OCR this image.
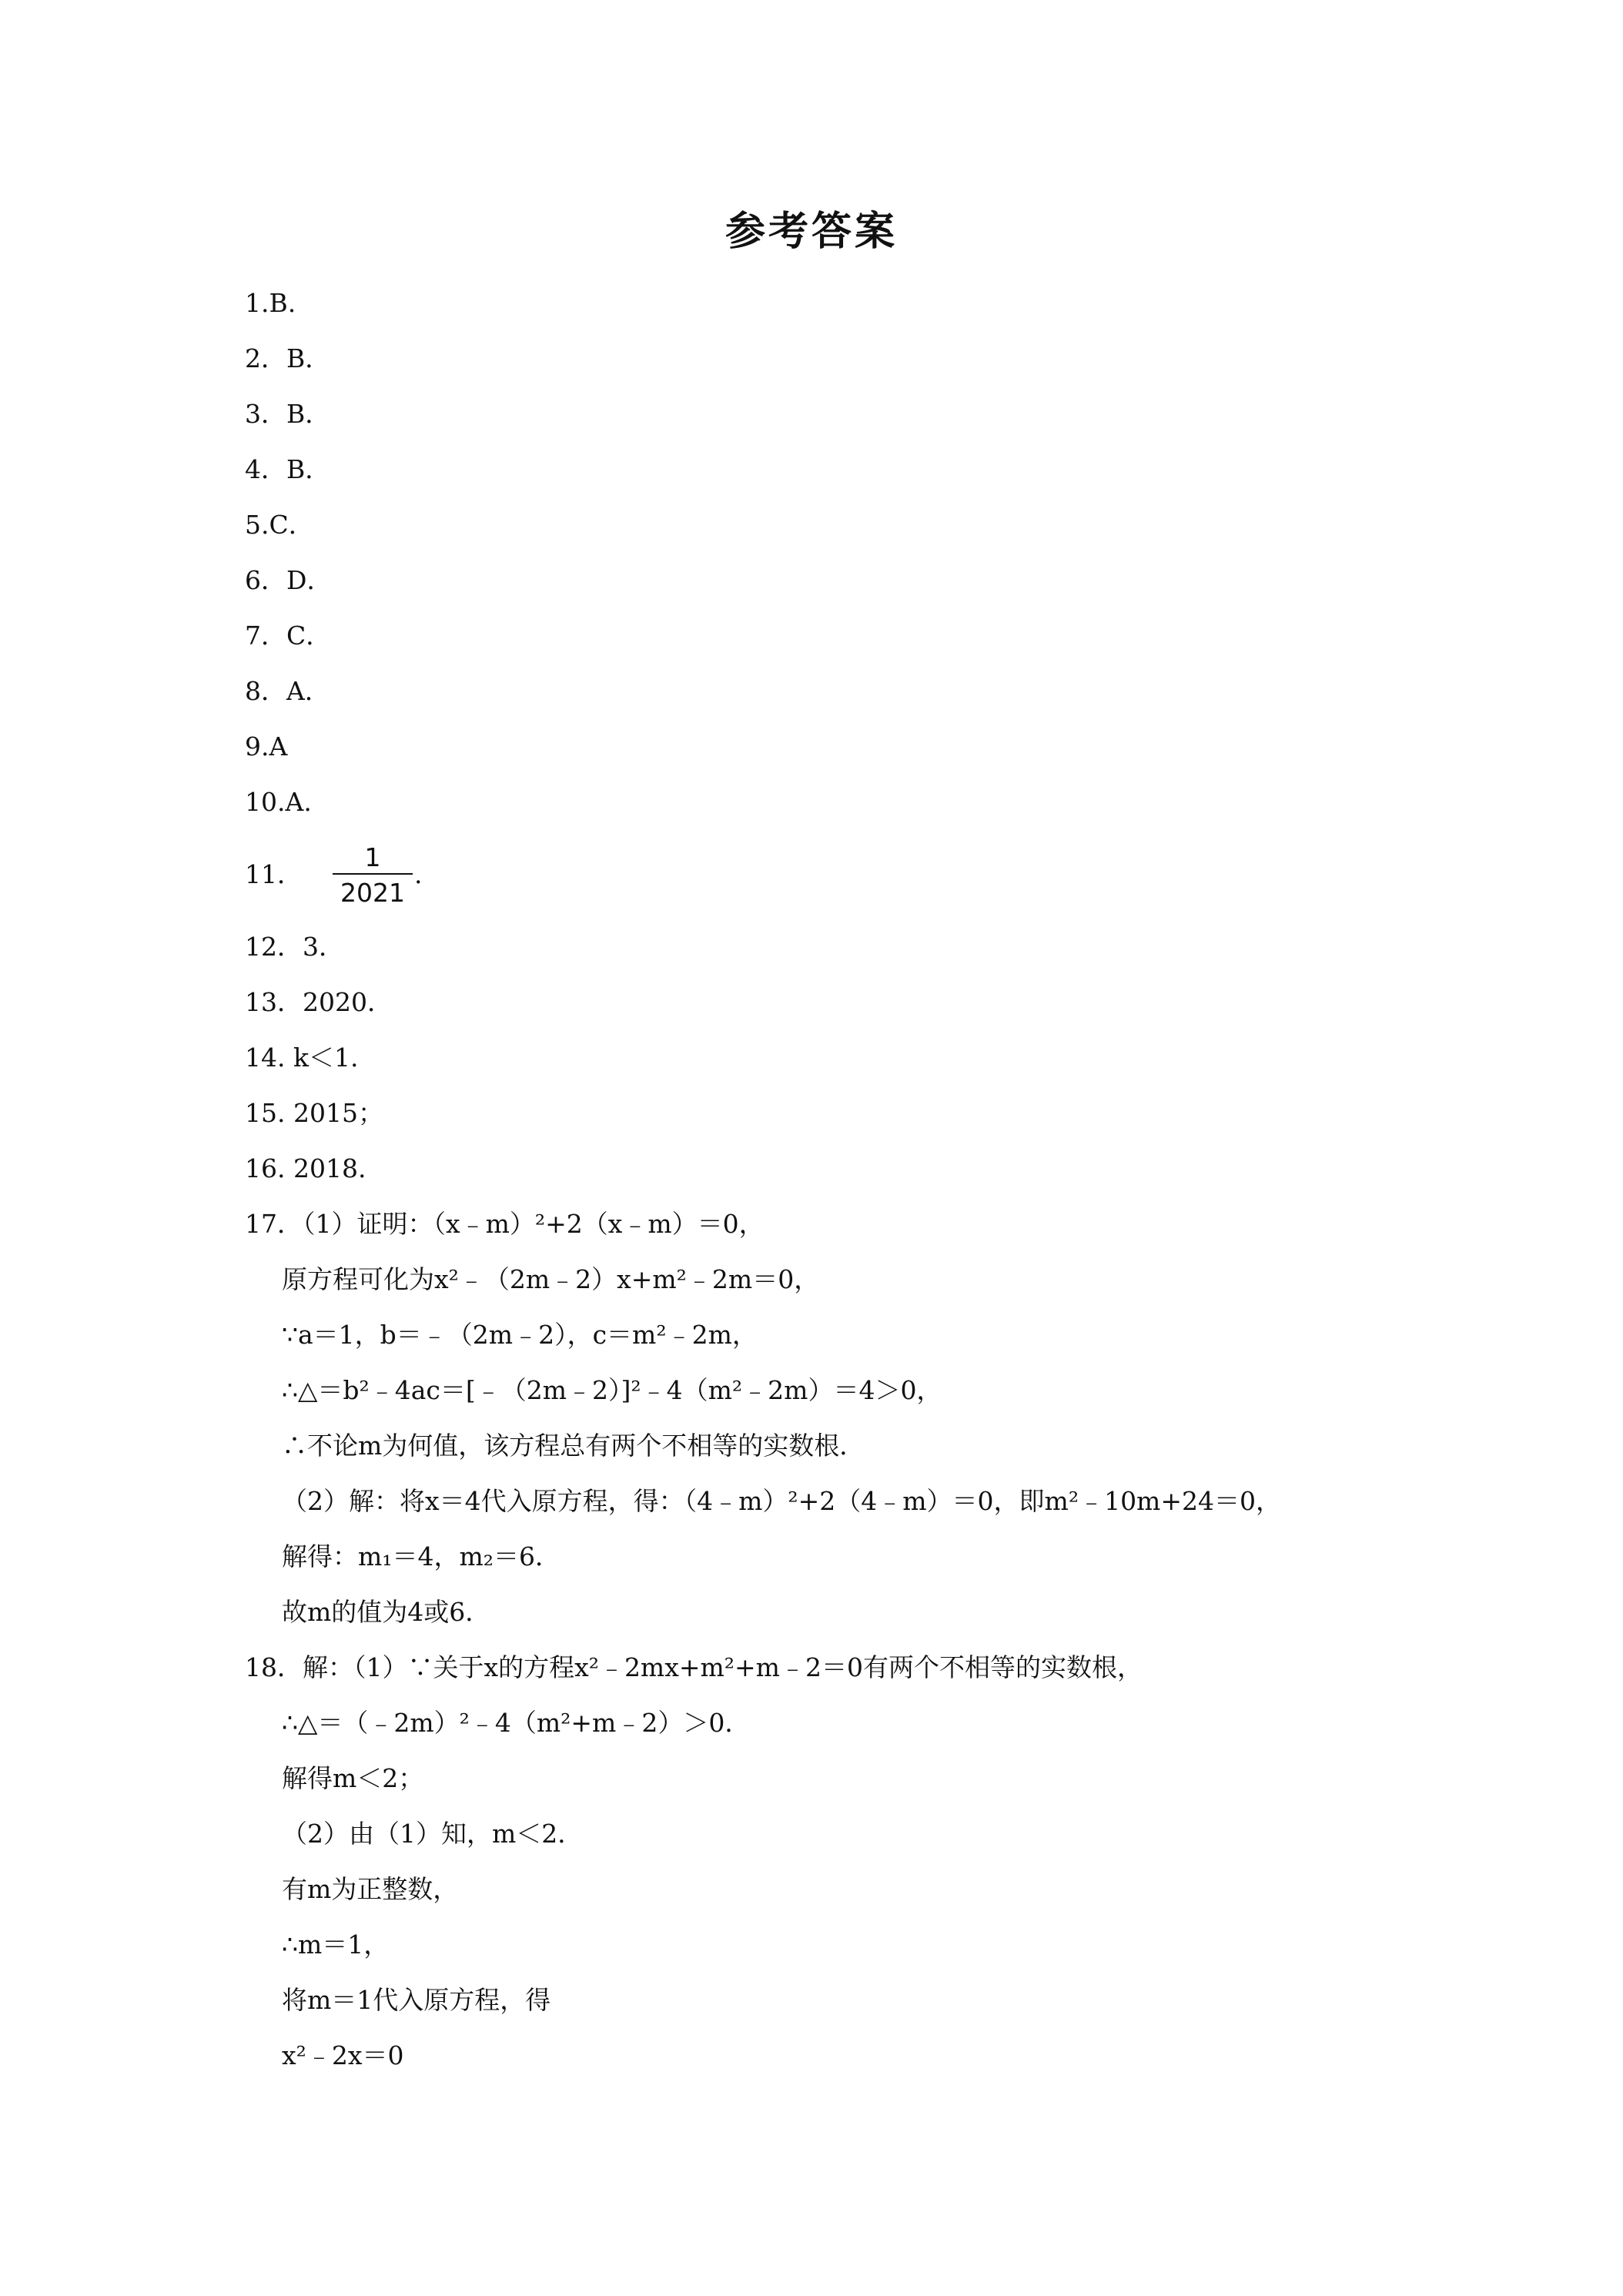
参考答案
1.B.
2．B．
3．B．
4．B．
5.C．
6．D．
7．C．
8．A．
9.A
10.A.
11．
1
2021
.
12．3．
13．2020．
14. k＜1.
15. 2015；
16. 2018.
17．（1）证明：（x﹣m）²+2（x﹣m）＝0，
原方程可化为x²﹣（2m﹣2）x+m²﹣2m＝0，
∵a＝1，b＝﹣（2m﹣2），c＝m²﹣2m，
∴△＝b²﹣4ac＝[﹣（2m﹣2）]²﹣4（m²﹣2m）＝4＞0，
∴不论m为何值，该方程总有两个不相等的实数根．
（2）解：将x＝4代入原方程，得：（4﹣m）²+2（4﹣m）＝0，即m²﹣10m+24＝0，
解得：m₁＝4，m₂＝6．
故m的值为4或6．
18．解：（1）∵关于x的方程x²﹣2mx+m²+m﹣2＝0有两个不相等的实数根，
∴△＝（﹣2m）²﹣4（m²+m﹣2）＞0．
解得m＜2；
（2）由（1）知，m＜2．
有m为正整数，
∴m＝1，
将m＝1代入原方程，得
x²﹣2x＝0
